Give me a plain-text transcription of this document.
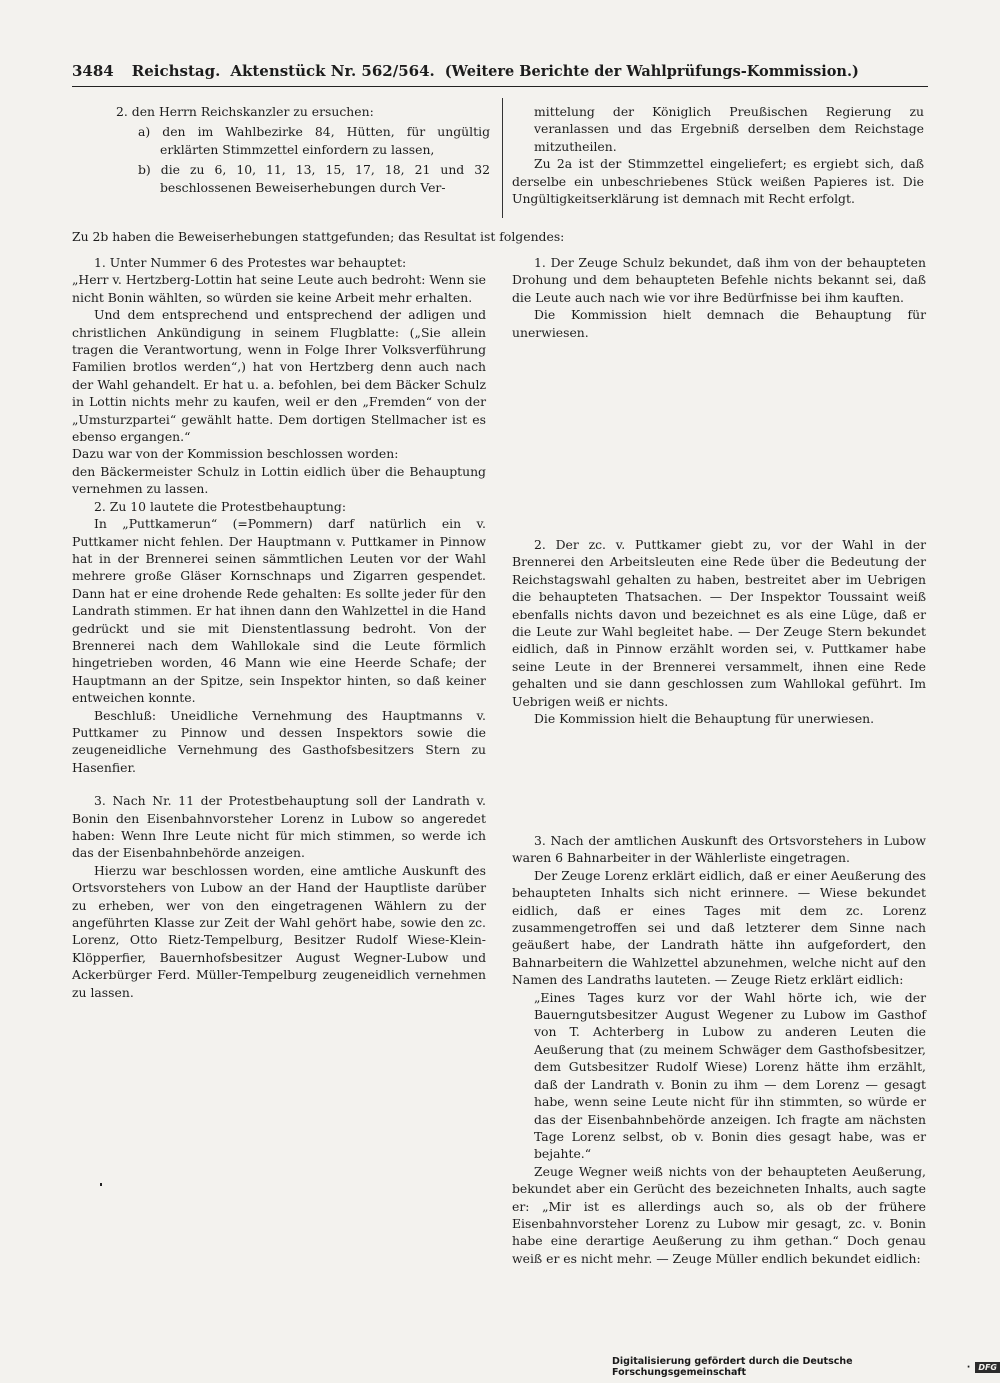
3484 Reichstag. Aktenstück Nr. 562/564. (Weitere Berichte der Wahlprüfungs-Kommission.)

2. den Herrn Reichskanzler zu ersuchen:

a) den im Wahlbezirke 84, Hütten, für ungültig erklärten Stimmzettel einfordern zu lassen,

b) die zu 6, 10, 11, 13, 15, 17, 18, 21 und 32 beschlossenen Beweiserhebungen durch Ver-

mittelung der Königlich Preußischen Regierung zu veranlassen und das Ergebniß derselben dem Reichstage mitzutheilen.

Zu 2a ist der Stimmzettel eingeliefert; es ergiebt sich, daß derselbe ein unbeschriebenes Stück weißen Papieres ist. Die Ungültigkeitserklärung ist demnach mit Recht erfolgt.

Zu 2b haben die Beweiserhebungen stattgefunden; das Resultat ist folgendes:

1. Unter Nummer 6 des Protestes war behauptet:

„Herr v. Hertzberg-Lottin hat seine Leute auch bedroht: Wenn sie nicht Bonin wählten, so würden sie keine Arbeit mehr erhalten.

Und dem entsprechend und entsprechend der adligen und christlichen Ankündigung in seinem Flugblatte: („Sie allein tragen die Verantwortung, wenn in Folge Ihrer Volksverführung Familien brotlos werden“,) hat von Hertzberg denn auch nach der Wahl gehandelt. Er hat u. a. befohlen, bei dem Bäcker Schulz in Lottin nichts mehr zu kaufen, weil er den „Fremden“ von der „Umsturzpartei“ gewählt hatte. Dem dortigen Stellmacher ist es ebenso ergangen.“

Dazu war von der Kommission beschlossen worden:

den Bäckermeister Schulz in Lottin eidlich über die Behauptung vernehmen zu lassen.

2. Zu 10 lautete die Protestbehauptung:

In „Puttkamerun“ (=Pommern) darf natürlich ein v. Puttkamer nicht fehlen. Der Hauptmann v. Puttkamer in Pinnow hat in der Brennerei seinen sämmtlichen Leuten vor der Wahl mehrere große Gläser Kornschnaps und Zigarren gespendet. Dann hat er eine drohende Rede gehalten: Es sollte jeder für den Landrath stimmen. Er hat ihnen dann den Wahlzettel in die Hand gedrückt und sie mit Dienstentlassung bedroht. Von der Brennerei nach dem Wahllokale sind die Leute förmlich hingetrieben worden, 46 Mann wie eine Heerde Schafe; der Hauptmann an der Spitze, sein Inspektor hinten, so daß keiner entweichen konnte.

Beschluß: Uneidliche Vernehmung des Hauptmanns v. Puttkamer zu Pinnow und dessen Inspektors sowie die zeugeneidliche Vernehmung des Gasthofsbesitzers Stern zu Hasenfier.

3. Nach Nr. 11 der Protestbehauptung soll der Landrath v. Bonin den Eisenbahnvorsteher Lorenz in Lubow so angeredet haben: Wenn Ihre Leute nicht für mich stimmen, so werde ich das der Eisenbahnbehörde anzeigen.

Hierzu war beschlossen worden, eine amtliche Auskunft des Ortsvorstehers von Lubow an der Hand der Hauptliste darüber zu erheben, wer von den eingetragenen Wählern zu der angeführten Klasse zur Zeit der Wahl gehört habe, sowie den zc. Lorenz, Otto Rietz-Tempelburg, Besitzer Rudolf Wiese-Klein-Klöpperfier, Bauernhofsbesitzer August Wegner-Lubow und Ackerbürger Ferd. Müller-Tempelburg zeugeneidlich vernehmen zu lassen.

1. Der Zeuge Schulz bekundet, daß ihm von der behaupteten Drohung und dem behaupteten Befehle nichts bekannt sei, daß die Leute auch nach wie vor ihre Bedürfnisse bei ihm kauften.

Die Kommission hielt demnach die Behauptung für unerwiesen.

2. Der zc. v. Puttkamer giebt zu, vor der Wahl in der Brennerei den Arbeitsleuten eine Rede über die Bedeutung der Reichstagswahl gehalten zu haben, bestreitet aber im Uebrigen die behaupteten Thatsachen. — Der Inspektor Toussaint weiß ebenfalls nichts davon und bezeichnet es als eine Lüge, daß er die Leute zur Wahl begleitet habe. — Der Zeuge Stern bekundet eidlich, daß in Pinnow erzählt worden sei, v. Puttkamer habe seine Leute in der Brennerei versammelt, ihnen eine Rede gehalten und sie dann geschlossen zum Wahllokal geführt. Im Uebrigen weiß er nichts.

Die Kommission hielt die Behauptung für unerwiesen.

3. Nach der amtlichen Auskunft des Ortsvorstehers in Lubow waren 6 Bahnarbeiter in der Wählerliste eingetragen.

Der Zeuge Lorenz erklärt eidlich, daß er einer Aeußerung des behaupteten Inhalts sich nicht erinnere. — Wiese bekundet eidlich, daß er eines Tages mit dem zc. Lorenz zusammengetroffen sei und daß letzterer dem Sinne nach geäußert habe, der Landrath hätte ihn aufgefordert, den Bahnarbeitern die Wahlzettel abzunehmen, welche nicht auf den Namen des Landraths lauteten. — Zeuge Rietz erklärt eidlich:

„Eines Tages kurz vor der Wahl hörte ich, wie der Bauerngutsbesitzer August Wegener zu Lubow im Gasthof von T. Achterberg in Lubow zu anderen Leuten die Aeußerung that (zu meinem Schwäger dem Gasthofsbesitzer, dem Gutsbesitzer Rudolf Wiese) Lorenz hätte ihm erzählt, daß der Landrath v. Bonin zu ihm — dem Lorenz — gesagt habe, wenn seine Leute nicht für ihn stimmten, so würde er das der Eisenbahnbehörde anzeigen. Ich fragte am nächsten Tage Lorenz selbst, ob v. Bonin dies gesagt habe, was er bejahte.“

Zeuge Wegner weiß nichts von der behaupteten Aeußerung, bekundet aber ein Gerücht des bezeichneten Inhalts, auch sagte er: „Mir ist es allerdings auch so, als ob der frühere Eisenbahnvorsteher Lorenz zu Lubow mir gesagt, zc. v. Bonin habe eine derartige Aeußerung zu ihm gethan.“ Doch genau weiß er es nicht mehr. — Zeuge Müller endlich bekundet eidlich:

Digitalisierung gefördert durch die Deutsche Forschungsgemeinschaft	·	DFG
